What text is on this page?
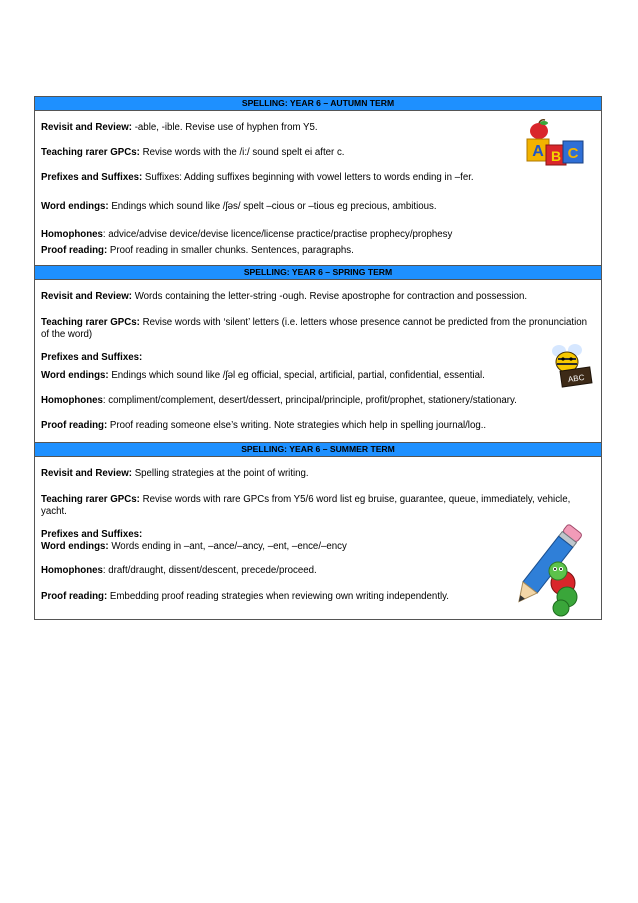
SPELLING: YEAR 6 – AUTUMN TERM
Revisit and Review: -able, -ible. Revise use of hyphen from Y5.
Teaching rarer GPCs: Revise words with the /i:/ sound spelt ei after c.
Prefixes and Suffixes: Suffixes: Adding suffixes beginning with vowel letters to words ending in –fer.
Word endings: Endings which sound like /ʃəs/ spelt –cious or –tious eg precious, ambitious.
Homophones: advice/advise device/devise licence/license practice/practise prophecy/prophesy
Proof reading: Proof reading in smaller chunks. Sentences, paragraphs.
A B C
SPELLING: YEAR 6 – SPRING TERM
Revisit and Review: Words containing the letter-string -ough. Revise apostrophe for contraction and possession.
Teaching rarer GPCs: Revise words with ‘silent’ letters (i.e. letters whose presence cannot be predicted from the pronunciation of the word)
Prefixes and Suffixes:
Word endings: Endings which sound like /ʃəl eg official, special, artificial, partial, confidential, essential.
Homophones: compliment/complement, desert/dessert, principal/principle, profit/prophet, stationery/stationary.
Proof reading: Proof reading someone else’s writing. Note strategies which help in spelling journal/log..
ABC
SPELLING: YEAR 6 – SUMMER TERM
Revisit and Review: Spelling strategies at the point of writing.
Teaching rarer GPCs: Revise words with rare GPCs from Y5/6 word list eg bruise, guarantee, queue, immediately, vehicle, yacht.
Prefixes and Suffixes:
Word endings: Words ending in –ant, –ance/–ancy, –ent, –ence/–ency
Homophones: draft/draught, dissent/descent, precede/proceed.
Proof reading: Embedding proof reading strategies when reviewing own writing independently.
